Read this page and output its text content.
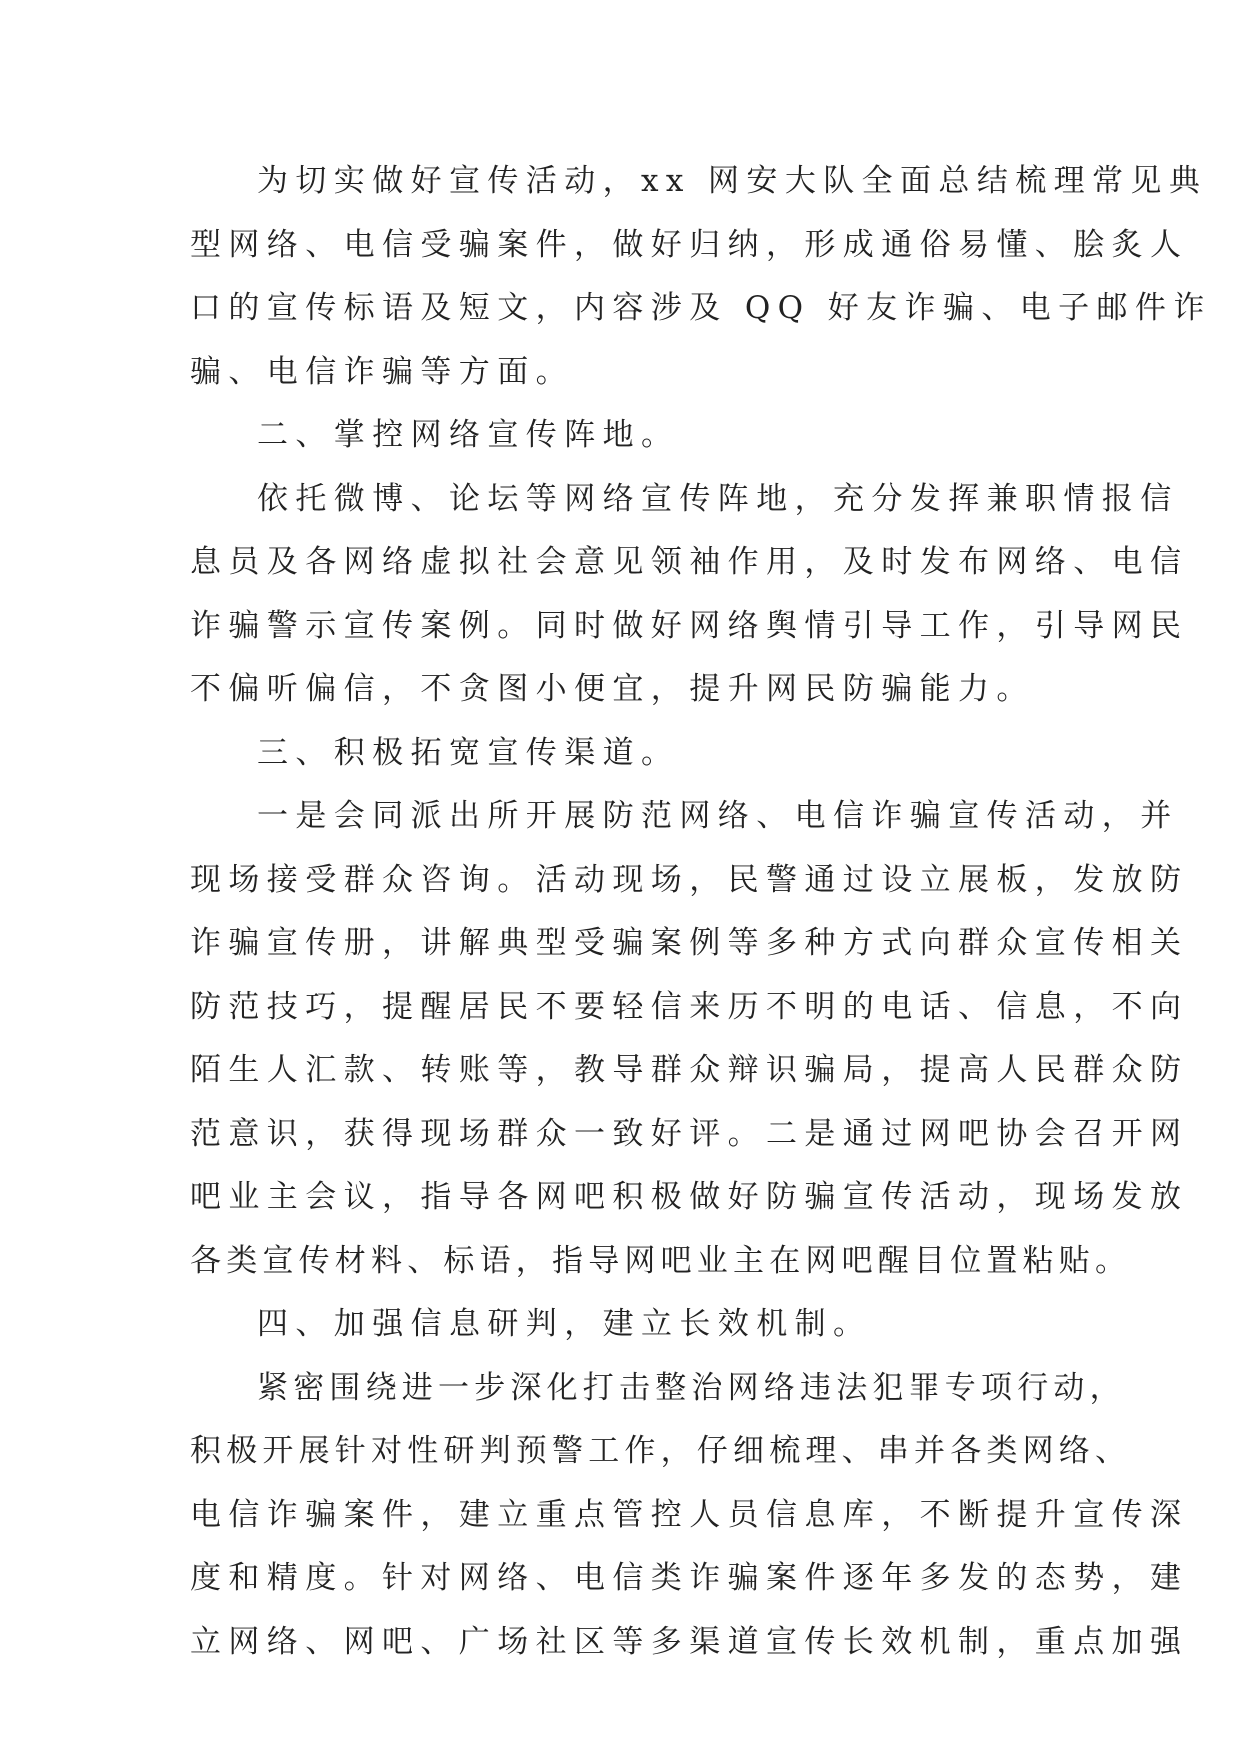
为切实做好宣传活动，xx 网安大队全面总结梳理常见典
型网络、电信受骗案件，做好归纳，形成通俗易懂、脍炙人
口的宣传标语及短文，内容涉及 QQ 好友诈骗、电子邮件诈
骗、电信诈骗等方面。
二、掌控网络宣传阵地。
依托微博、论坛等网络宣传阵地，充分发挥兼职情报信
息员及各网络虚拟社会意见领袖作用，及时发布网络、电信
诈骗警示宣传案例。同时做好网络舆情引导工作，引导网民
不偏听偏信，不贪图小便宜，提升网民防骗能力。
三、积极拓宽宣传渠道。
一是会同派出所开展防范网络、电信诈骗宣传活动，并
现场接受群众咨询。活动现场，民警通过设立展板，发放防
诈骗宣传册，讲解典型受骗案例等多种方式向群众宣传相关
防范技巧，提醒居民不要轻信来历不明的电话、信息，不向
陌生人汇款、转账等，教导群众辩识骗局，提高人民群众防
范意识，获得现场群众一致好评。二是通过网吧协会召开网
吧业主会议，指导各网吧积极做好防骗宣传活动，现场发放
各类宣传材料、标语，指导网吧业主在网吧醒目位置粘贴。
四、加强信息研判，建立长效机制。
紧密围绕进一步深化打击整治网络违法犯罪专项行动，
积极开展针对性研判预警工作，仔细梳理、串并各类网络、
电信诈骗案件，建立重点管控人员信息库，不断提升宣传深
度和精度。针对网络、电信类诈骗案件逐年多发的态势，建
立网络、网吧、广场社区等多渠道宣传长效机制，重点加强
